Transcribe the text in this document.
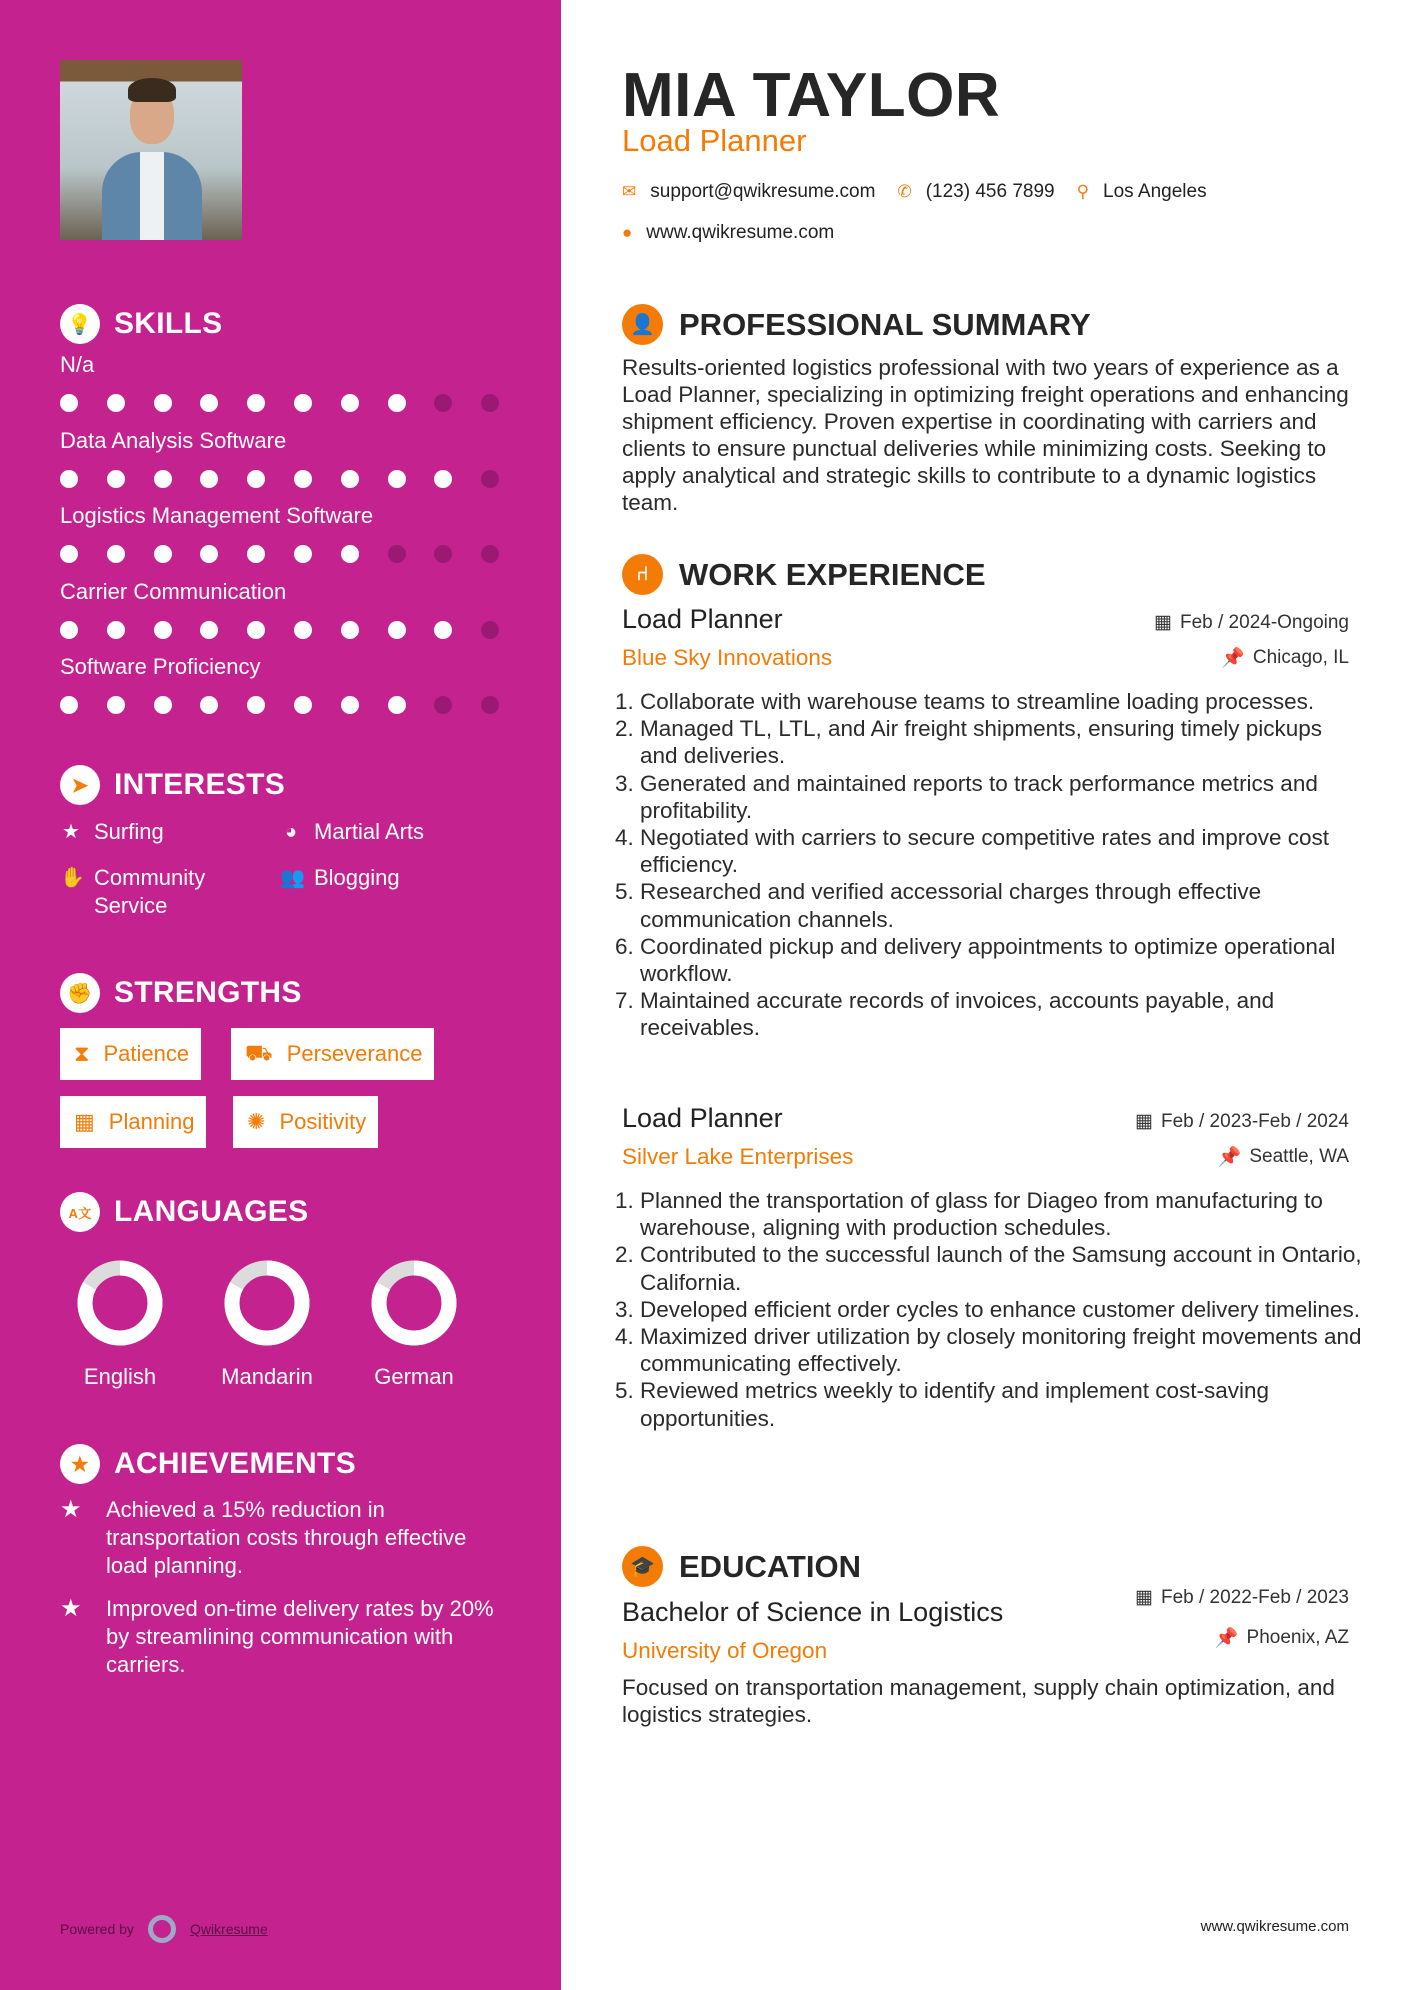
💡 SKILLS
N/a
Data Analysis Software
Logistics Management Software
Carrier Communication
Software Proficiency
➤ INTERESTS
★ Surfing	◕ Martial Arts
✋ Community Service
👥 Blogging
✊ STRENGTHS
⧗ Patience	⛟ Perseverance
▦ Planning ✺ Positivity
A文 LANGUAGES
English	Mandarin	German
★ ACHIEVEMENTS
★	Achieved a 15% reduction in transportation costs through effective load planning.
★	Improved on-time delivery rates by 20% by streamlining communication with carriers.
Powered by	Qwikresume
MIA TAYLOR
Load Planner
✉ support@qwikresume.com ✆ (123) 456 7899 ⚲ Los Angeles
● www.qwikresume.com
👤 PROFESSIONAL SUMMARY
Results-oriented logistics professional with two years of experience as a Load Planner, specializing in optimizing freight operations and enhancing shipment efficiency. Proven expertise in coordinating with carriers and clients to ensure punctual deliveries while minimizing costs. Seeking to apply analytical and strategic skills to contribute to a dynamic logistics team.
⑁ WORK EXPERIENCE
Load Planner
Blue Sky Innovations
▦ Feb / 2024-Ongoing
📌 Chicago, IL
1. Collaborate with warehouse teams to streamline loading processes.
2. Managed TL, LTL, and Air freight shipments, ensuring timely pickups and deliveries.
3. Generated and maintained reports to track performance metrics and profitability.
4. Negotiated with carriers to secure competitive rates and improve cost efficiency.
5. Researched and verified accessorial charges through effective communication channels.
6. Coordinated pickup and delivery appointments to optimize operational workflow.
7. Maintained accurate records of invoices, accounts payable, and receivables.
Load Planner
Silver Lake Enterprises
▦ Feb / 2023-Feb / 2024
📌 Seattle, WA
1. Planned the transportation of glass for Diageo from manufacturing to warehouse, aligning with production schedules.
2. Contributed to the successful launch of the Samsung account in Ontario, California.
3. Developed efficient order cycles to enhance customer delivery timelines.
4. Maximized driver utilization by closely monitoring freight movements and communicating effectively.
5. Reviewed metrics weekly to identify and implement cost-saving opportunities.
🎓 EDUCATION
Bachelor of Science in Logistics
University of Oregon
▦ Feb / 2022-Feb / 2023
📌 Phoenix, AZ
Focused on transportation management, supply chain optimization, and logistics strategies.
www.qwikresume.com
